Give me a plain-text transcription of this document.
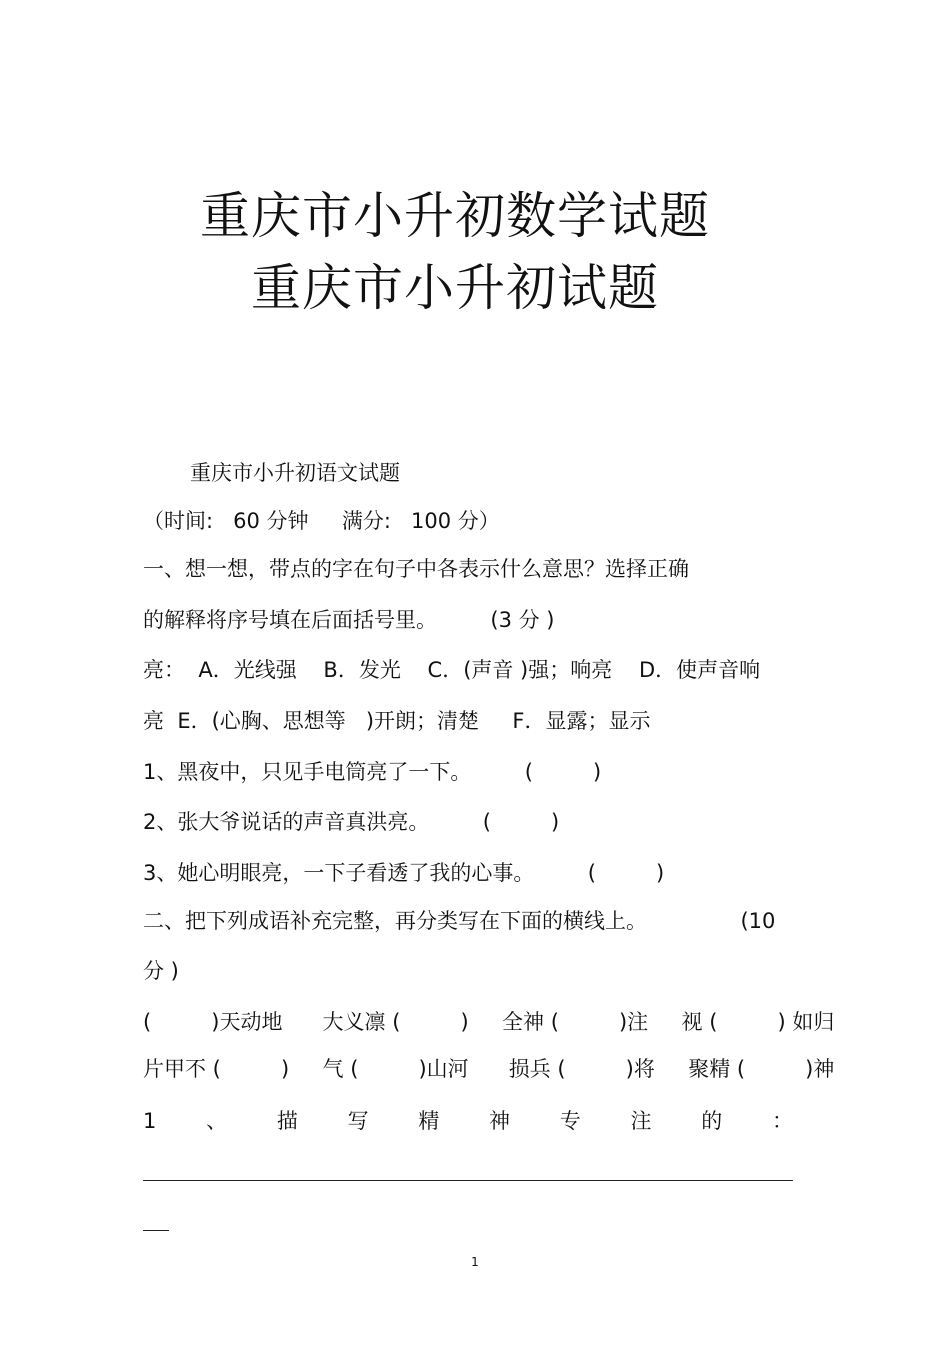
重庆市小升初数学试题
重庆市小升初试题
重庆市小升初语文试题
（时间:   60 分钟     满分:   100 分）
一、想一想，带点的字在句子中各表示什么意思？选择正确
的解释将序号填在后面括号里。        (3 分 )
亮：  A．光线强    B．发光    C．(声音 )强；响亮    D．使声音响
亮  E．(心胸、思想等   )开朗；清楚     F．显露；显示
1、黑夜中，只见手电筒亮了一下。        (         )
2、张大爷说话的声音真洪亮。        (         )
3、她心明眼亮，一下子看透了我的心事。        (         )
二、把下列成语补充完整，再分类写在下面的横线上。              (10
分 )
(         )天动地      大义凛 (         )     全神 (         )注     视 (         ) 如归
片甲不 (         )     气 (         )山河      损兵 (         )将     聚精 (         )神
1 、 描 写 精 神 专 注 的 ：
1
